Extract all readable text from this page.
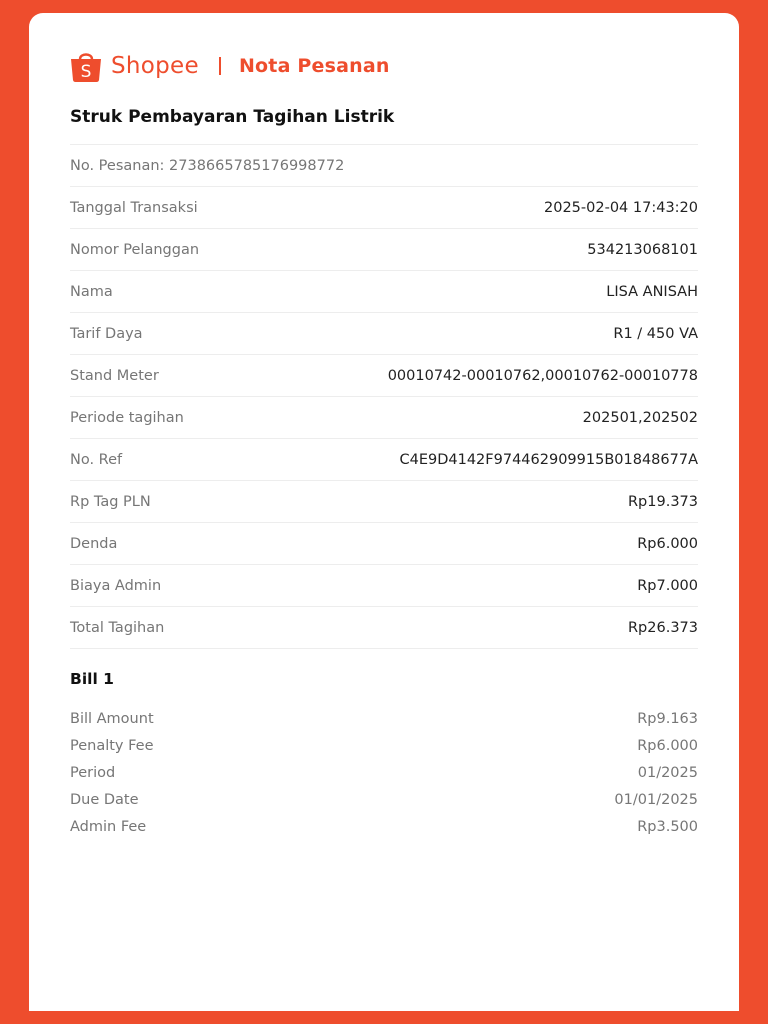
S Shopee Nota Pesanan
Struk Pembayaran Tagihan Listrik
No. Pesanan: 273866578517699877​2
Tanggal Transaksi	2025-02-04 17:43:20
Nomor Pelanggan	534213068101
Nama	LISA ANISAH
Tarif Daya	R1 / 450 VA
Stand Meter	00010742-00010762,00010762-00010778
Periode tagihan	202501,202502
No. Ref	C4E9D4142F974462909915B01848677A
Rp Tag PLN	Rp19.373
Denda	Rp6.000
Biaya Admin	Rp7.000
Total Tagihan	Rp26.373
Bill 1
Bill Amount	Rp9.163
Penalty Fee	Rp6.000
Period	01/2025
Due Date	01/01/2025
Admin Fee	Rp3.500
